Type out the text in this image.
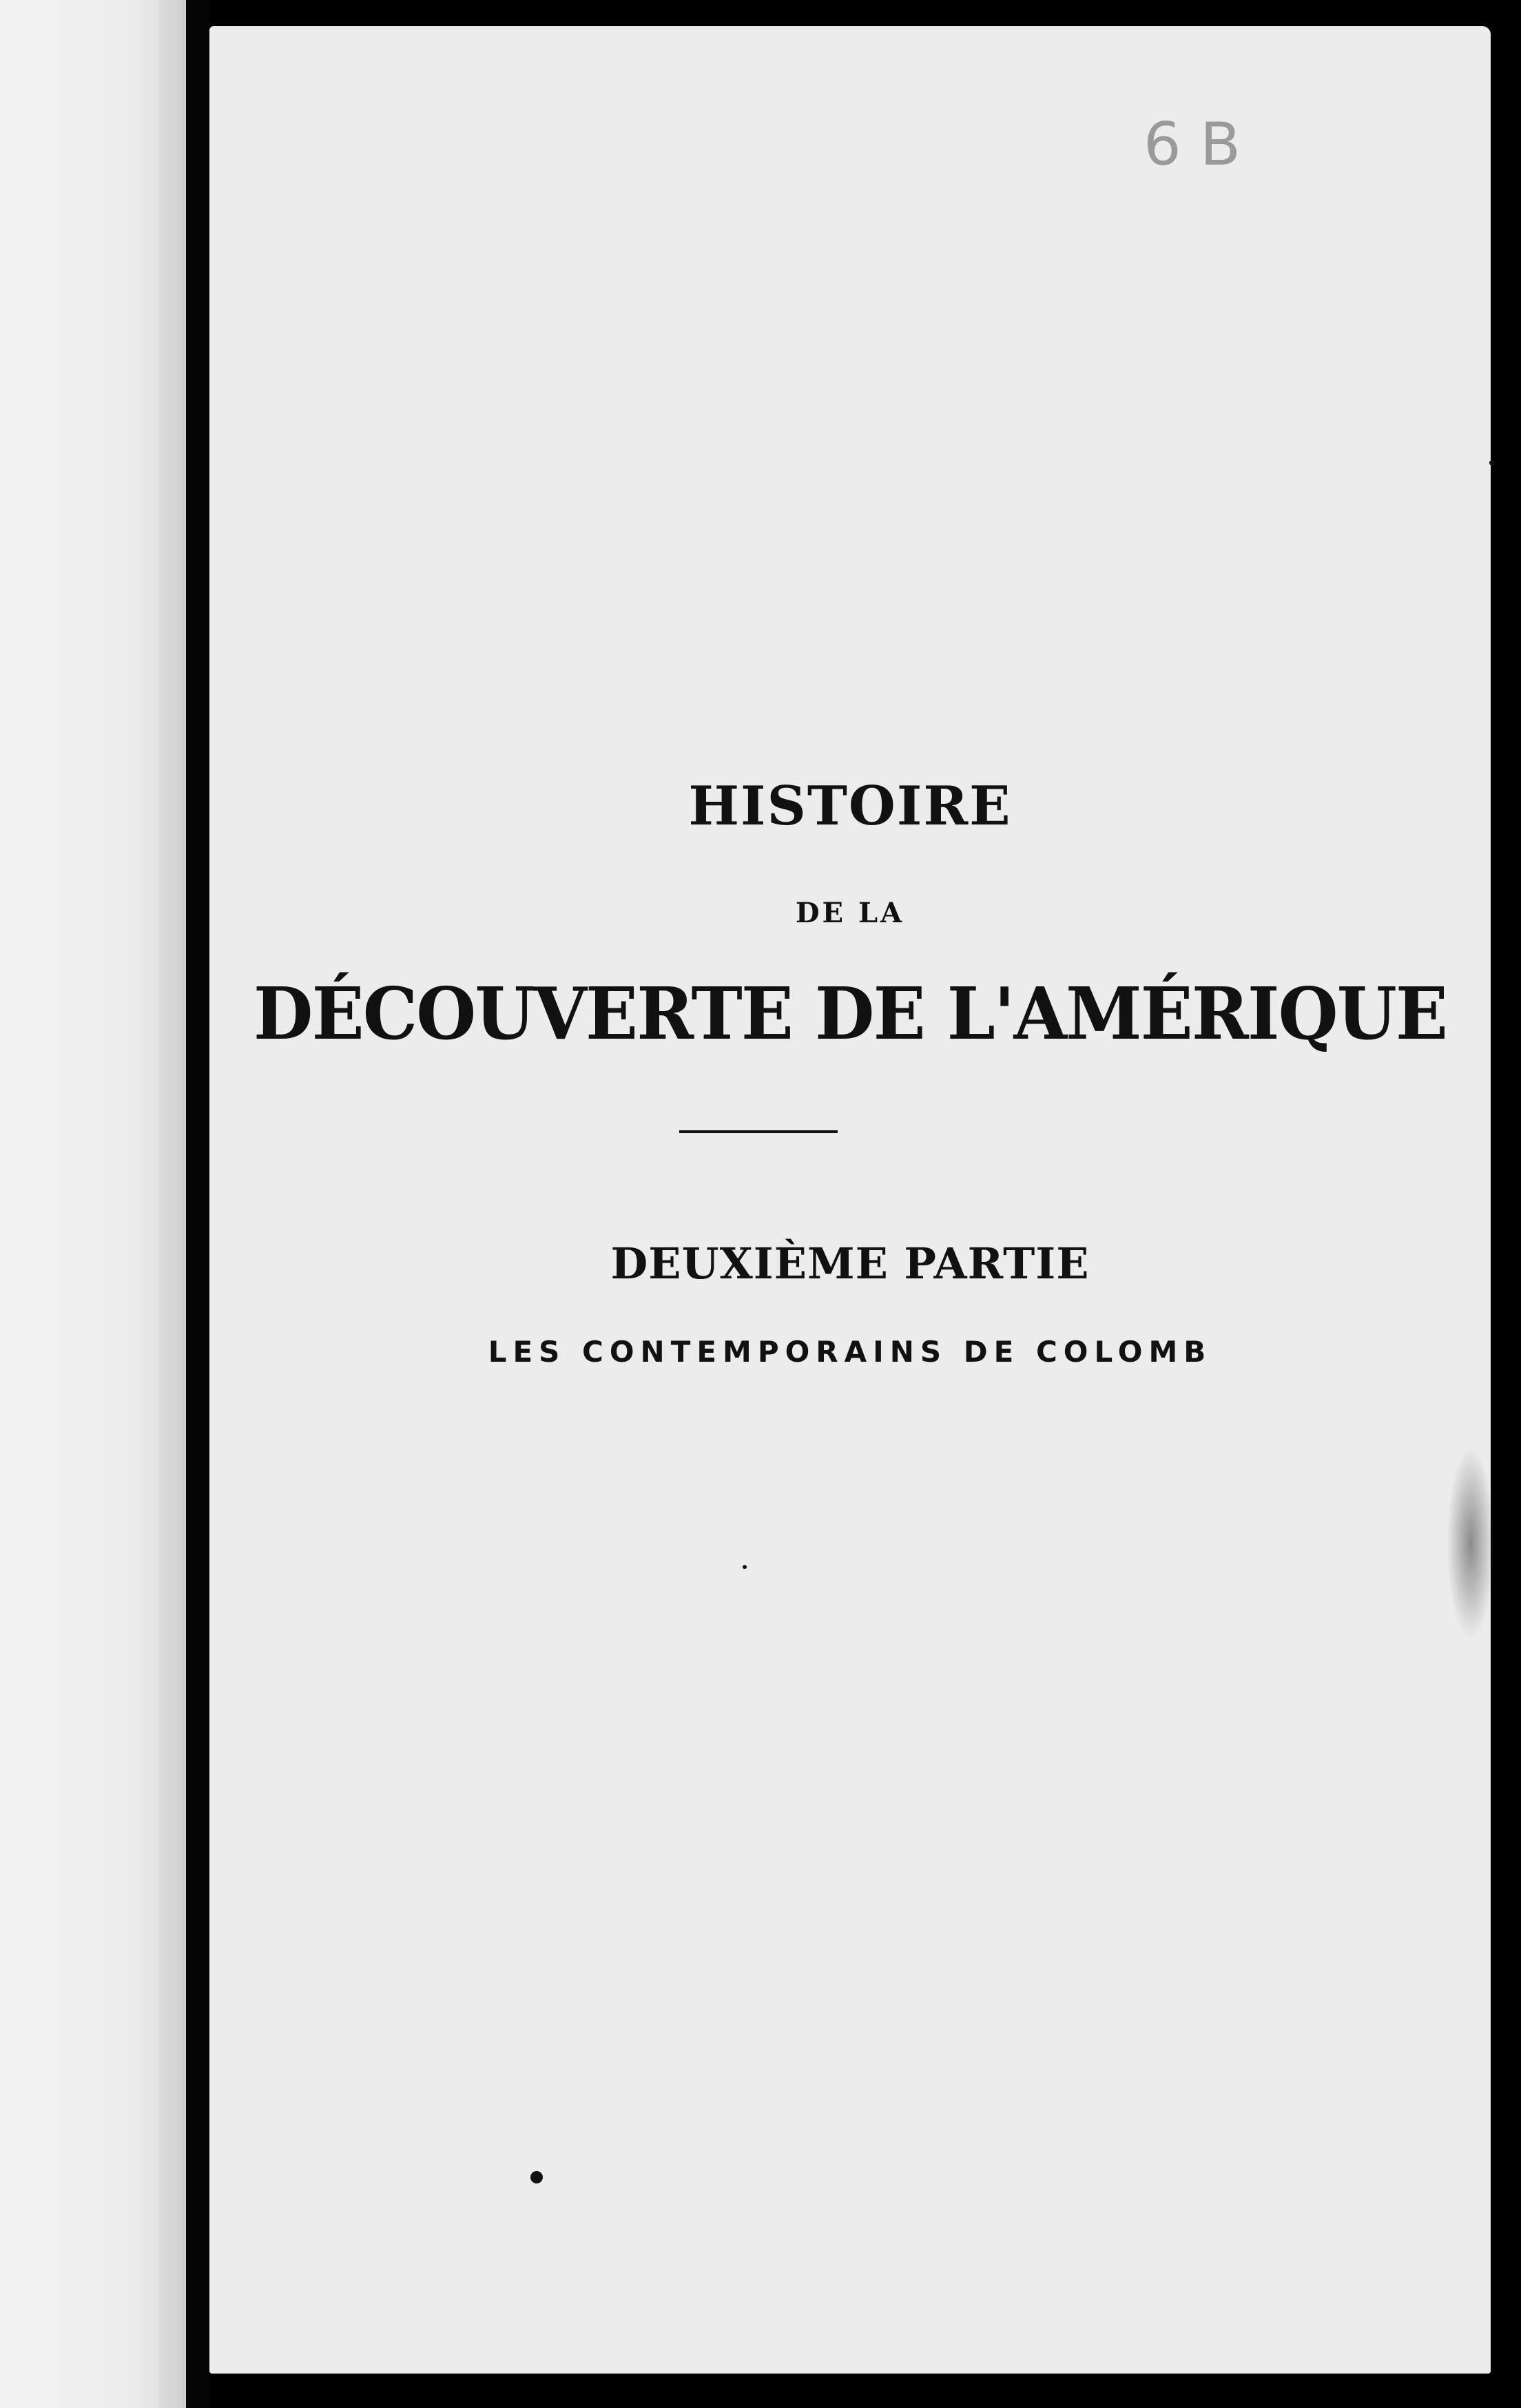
6 B
HISTOIRE
DE LA
DÉCOUVERTE DE L'AMÉRIQUE
DEUXIÈME PARTIE
LES CONTEMPORAINS DE COLOMB
